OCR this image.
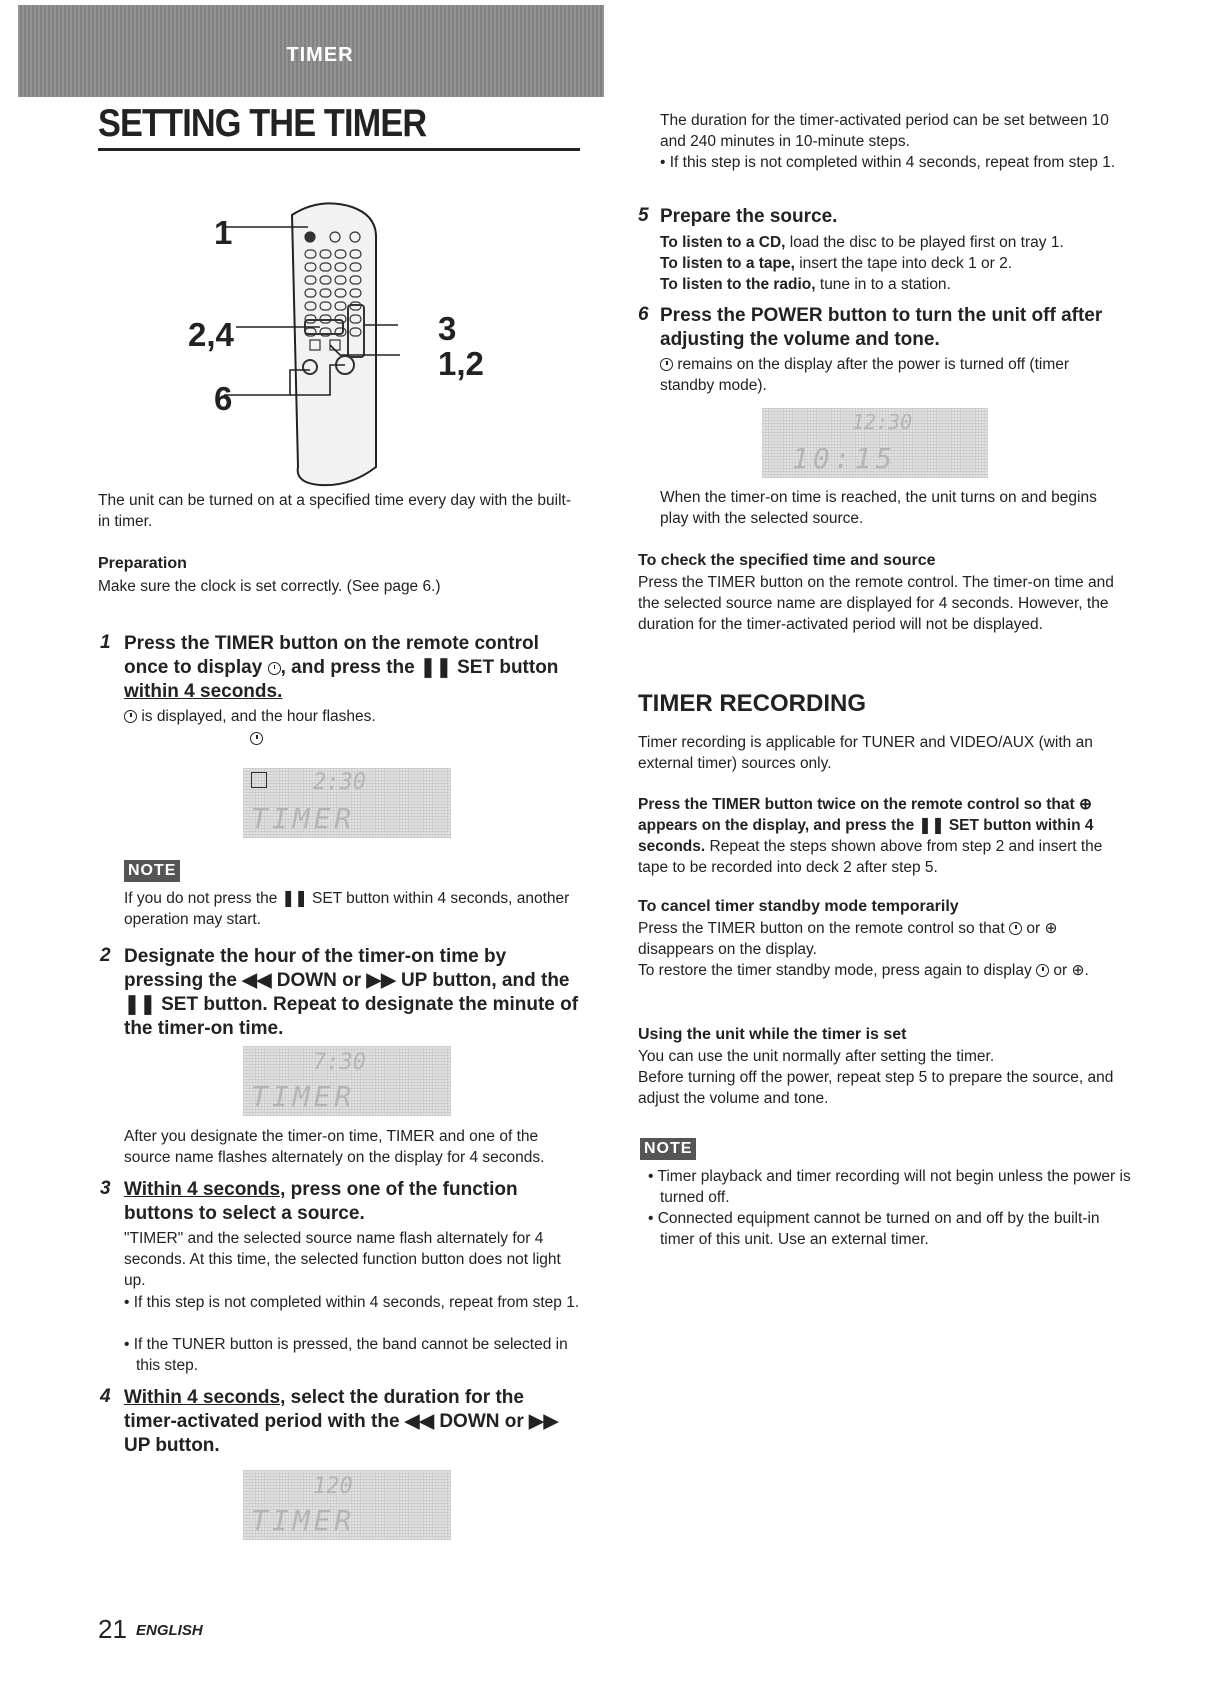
TIMER
SETTING THE TIMER
1
2,4
6
3
1,2
The unit can be turned on at a specified time every day with the built-in timer.
Preparation
Make sure the clock is set correctly. (See page 6.)
1 Press the TIMER button on the remote control once to display , and press the ❚❚ SET button within 4 seconds.
is displayed, and the hour flashes.
2:30
TIMER
NOTE
If you do not press the ❚❚ SET button within 4 seconds, another operation may start.
2 Designate the hour of the timer-on time by pressing the ◀◀ DOWN or ▶▶ UP button, and the ❚❚ SET button. Repeat to designate the minute of the timer-on time.
7:30
TIMER
After you designate the timer-on time, TIMER and one of the source name flashes alternately on the display for 4 seconds.
3 Within 4 seconds, press one of the function buttons to select a source.
"TIMER" and the selected source name flash alternately for 4 seconds. At this time, the selected function button does not light up.
• If this step is not completed within 4 seconds, repeat from step 1.
• If the TUNER button is pressed, the band cannot be selected in this step.
4 Within 4 seconds, select the duration for the timer-activated period with the ◀◀ DOWN or ▶▶ UP button.
120
TIMER
The duration for the timer-activated period can be set between 10 and 240 minutes in 10-minute steps.
• If this step is not completed within 4 seconds, repeat from step 1.
5 Prepare the source.
To listen to a CD, load the disc to be played first on tray 1.
To listen to a tape, insert the tape into deck 1 or 2.
To listen to the radio, tune in to a station.
6 Press the POWER button to turn the unit off after adjusting the volume and tone.
remains on the display after the power is turned off (timer standby mode).
12:30
10:15
When the timer-on time is reached, the unit turns on and begins play with the selected source.
To check the specified time and source
Press the TIMER button on the remote control. The timer-on time and the selected source name are displayed for 4 seconds. However, the duration for the timer-activated period will not be displayed.
TIMER RECORDING
Timer recording is applicable for TUNER and VIDEO/AUX (with an external timer) sources only.
Press the TIMER button twice on the remote control so that ⊕ appears on the display, and press the ❚❚ SET button within 4 seconds. Repeat the steps shown above from step 2 and insert the tape to be recorded into deck 2 after step 5.
To cancel timer standby mode temporarily
Press the TIMER button on the remote control so that or ⊕ disappears on the display.
To restore the timer standby mode, press again to display or ⊕.
Using the unit while the timer is set
You can use the unit normally after setting the timer.
Before turning off the power, repeat step 5 to prepare the source, and adjust the volume and tone.
NOTE
• Timer playback and timer recording will not begin unless the power is turned off.
• Connected equipment cannot be turned on and off by the built-in timer of this unit. Use an external timer.
21 ENGLISH
